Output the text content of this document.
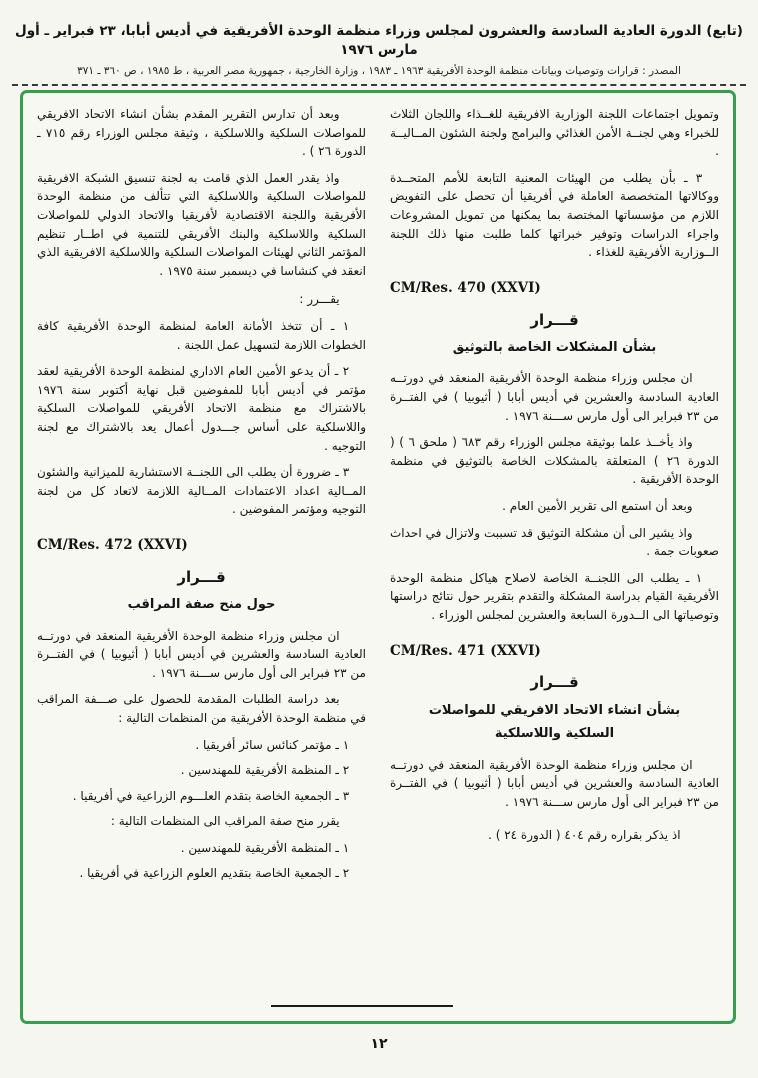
(تابع) الدورة العادية السادسة والعشرون لمجلس وزراء منظمة الوحدة الأفريقية في أديس أبابا، ٢٣ فبراير ـ أول مارس ١٩٧٦
المصدر : قرارات وتوصيات وبيانات منظمة الوحدة الأفريقية ١٩٦٣ ـ ١٩٨٣ ، وزارة الخارجية ، جمهورية مصر العربية ، ط ١٩٨٥ ، ص ٣٦٠ ـ ٣٧١

وتمويل اجتماعات اللجنة الوزارية الافريقية للغــذاء واللجان الثلاث للخبراء وهي لجنــة الأمن الغذائي والبرامج ولجنة الشئون المــاليــة .

٣ ـ بأن يطلب من الهيئات المعنية التابعة للأمم المتحــدة ووكالاتها المتخصصة العاملة في أفريقيا أن تحصل على التفويض اللازم من مؤسساتها المختصة بما يمكنها من تمويل المشروعات واجراء الدراسات وتوفير خبراتها كلما طلبت منها ذلك اللجنة الــوزارية الأفريقية للغذاء .

CM/Res. 470 (XXVI)
قـــرار
بشأن المشكلات الخاصة بالتوثيق

ان مجلس وزراء منظمة الوحدة الأفريقية المنعقد في دورتــه العادية السادسة والعشرين في أديس أبابا ( أثيوبيا ) في الفتــرة من ٢٣ فبراير الى أول مارس ســـنة ١٩٧٦ .

واذ يأخــذ علما بوثيقة مجلس الوزراء رقم ٦٨٣ ( ملحق ٦ ) ( الدورة ٢٦ ) المتعلقة بالمشكلات الخاصة بالتوثيق في منظمة الوحدة الأفريقية .

وبعد أن استمع الى تقرير الأمين العام .

واذ يشير الى أن مشكلة التوثيق قد تسببت ولاتزال في احداث صعوبات جمة .

١ ـ يطلب الى اللجنــة الخاصة لاصلاح هياكل منظمة الوحدة الأفريقية القيام بدراسة المشكلة والتقدم بتقرير حول نتائج دراستها وتوصياتها الى الــدورة السابعة والعشرين لمجلس الوزراء .

CM/Res. 471 (XXVI)
قـــرار
بشأن انشاء الاتحاد الافريقي للمواصلات
السلكية واللاسلكية

ان مجلس وزراء منظمة الوحدة الأفريقية المنعقد في دورتــه العادية السادسة والعشرين في أديس أبابا ( أثيوبيا ) في الفتــرة من ٢٣ فبراير الى أول مارس ســـنة ١٩٧٦ .

اذ يذكر بقراره رقم ٤٠٤ ( الدورة ٢٤ ) .

وبعد أن تدارس التقرير المقدم بشأن انشاء الاتحاد الافريقي للمواصلات السلكية واللاسلكية ، وثيقة مجلس الوزراء رقم ٧١٥ ـ الدورة ٢٦ ) .

واذ يقدر العمل الذي قامت به لجنة تنسيق الشبكة الافريقية للمواصلات السلكية واللاسلكية التي تتألف من منظمة الوحدة الأفريقية واللجنة الاقتصادية لأفريقيا والاتحاد الدولي للمواصلات السلكية واللاسلكية والبنك الأفريقي للتنمية في اطــار تنظيم المؤتمر الثاني لهيئات المواصلات السلكية واللاسلكية الافريقية الذي انعقد في كنشاسا في ديسمبر سنة ١٩٧٥ .

يقـــرر :

١ ـ أن تتخذ الأمانة العامة لمنظمة الوحدة الأفريقية كافة الخطوات اللازمة لتسهيل عمل اللجنة .

٢ ـ أن يدعو الأمين العام الاداري لمنظمة الوحدة الأفريقية لعقد مؤتمر في أديس أبابا للمفوضين قبل نهاية أكتوبر سنة ١٩٧٦ بالاشتراك مع منظمة الاتحاد الأفريقي للمواصلات السلكية واللاسلكية على أساس جـــدول أعمال يعد بالاشتراك مع لجنة التوجيه .

٣ ـ ضرورة أن يطلب الى اللجنــة الاستشارية للميزانية والشئون المــالية اعداد الاعتمادات المــالية اللازمة لاتعاد كل من لجنة التوجيه ومؤتمر المفوضين .

CM/Res. 472 (XXVI)
قـــرار
حول منح صفة المراقب

ان مجلس وزراء منظمة الوحدة الأفريقية المنعقد في دورتــه العادية السادسة والعشرين في أديس أبابا ( أثيوبيا ) في الفتــرة من ٢٣ فبراير الى أول مارس ســـنة ١٩٧٦ .

بعد دراسة الطلبات المقدمة للحصول على صـــفة المراقب في منظمة الوحدة الأفريقية من المنظمات التالية :

١ ـ مؤتمر كنائس سائر أفريقيا .

٢ ـ المنظمة الأفريقية للمهندسين .

٣ ـ الجمعية الخاصة بتقدم العلـــوم الزراعية في أفريقيا .

يقرر منح صفة المراقب الى المنظمات التالية :

١ ـ المنظمة الأفريقية للمهندسين .

٢ ـ الجمعية الخاصة بتقديم العلوم الزراعية في أفريقيا .

١٢
